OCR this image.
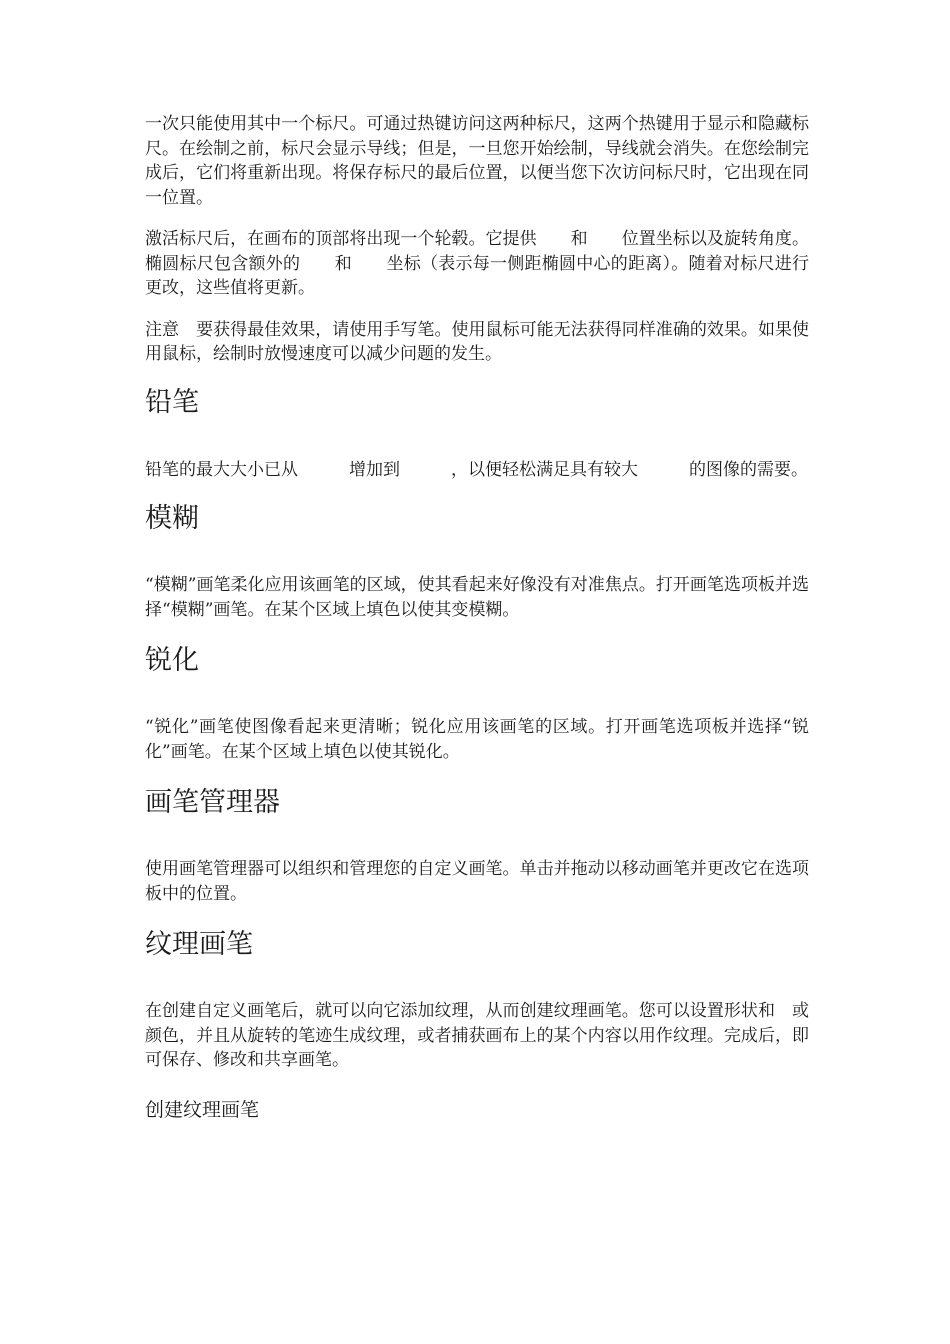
一次只能使用其中一个标尺。可通过热键访问这两种标尺，这两个热键用于显示和隐藏标尺。在绘制之前，标尺会显示导线；但是，一旦您开始绘制，导线就会消失。在您绘制完成后，它们将重新出现。将保存标尺的最后位置，以便当您下次访问标尺时，它出现在同一位置。

激活标尺后，在画布的顶部将出现一个轮毂。它提供　　和　　位置坐标以及旋转角度。椭圆标尺包含额外的　　和　　坐标（表示每一侧距椭圆中心的距离）。随着对标尺进行更改，这些值将更新。

注意　要获得最佳效果，请使用手写笔。使用鼠标可能无法获得同样准确的效果。如果使用鼠标，绘制时放慢速度可以减少问题的发生。

铅笔

铅笔的最大大小已从　　　增加到　　　，以便轻松满足具有较大　　　的图像的需要。

模糊

“模糊”画笔柔化应用该画笔的区域，使其看起来好像没有对准焦点。打开画笔选项板并选择“模糊”画笔。在某个区域上填色以使其变模糊。

锐化

“锐化”画笔使图像看起来更清晰；锐化应用该画笔的区域。打开画笔选项板并选择“锐化”画笔。在某个区域上填色以使其锐化。

画笔管理器

使用画笔管理器可以组织和管理您的自定义画笔。单击并拖动以移动画笔并更改它在选项板中的位置。

纹理画笔

在创建自定义画笔后，就可以向它添加纹理，从而创建纹理画笔。您可以设置形状和　或颜色，并且从旋转的笔迹生成纹理，或者捕获画布上的某个内容以用作纹理。完成后，即可保存、修改和共享画笔。

创建纹理画笔
